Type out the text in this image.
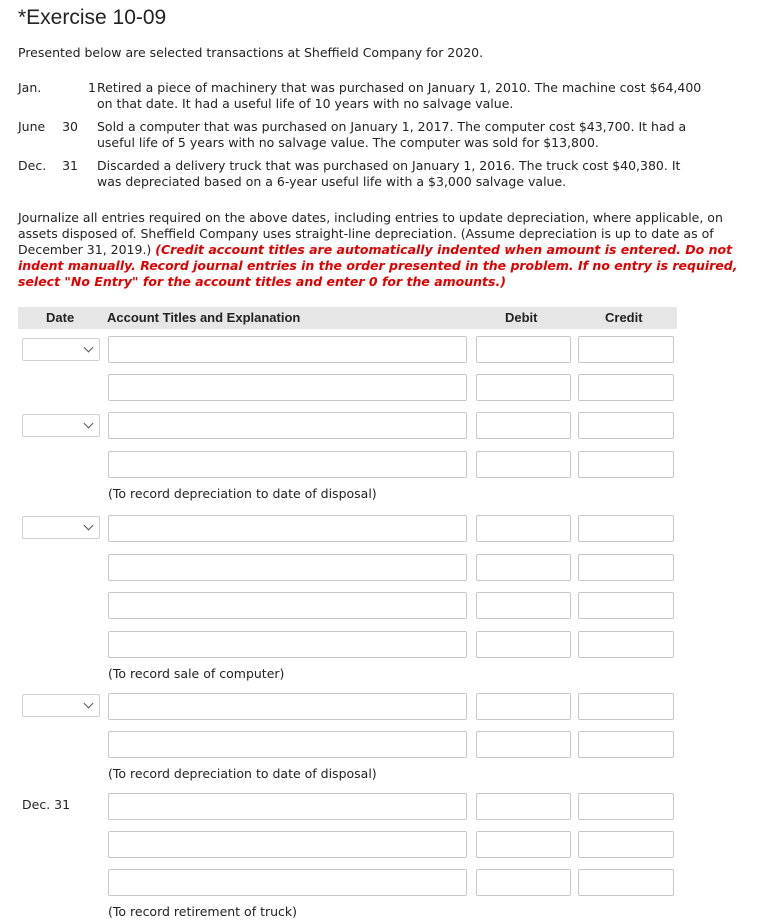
*Exercise 10-09
Presented below are selected transactions at Sheffield Company for 2020.
Jan.	1 Retired a piece of machinery that was purchased on January 1, 2010. The machine cost $64,400
on that date. It had a useful life of 10 years with no salvage value.
June	30 Sold a computer that was purchased on January 1, 2017. The computer cost $43,700. It had a
useful life of 5 years with no salvage value. The computer was sold for $13,800.
Dec.	31 Discarded a delivery truck that was purchased on January 1, 2016. The truck cost $40,380. It
was depreciated based on a 6-year useful life with a $3,000 salvage value.
Journalize all entries required on the above dates, including entries to update depreciation, where applicable, on assets disposed of. Sheffield Company uses straight-line depreciation. (Assume depreciation is up to date as of December 31, 2019.) (Credit account titles are automatically indented when amount is entered. Do not indent manually. Record journal entries in the order presented in the problem. If no entry is required, select "No Entry" for the account titles and enter 0 for the amounts.)
Date	Account Titles and Explanation	Debit	Credit
(To record depreciation to date of disposal)
(To record sale of computer)
(To record depreciation to date of disposal)
Dec. 31
(To record retirement of truck)
